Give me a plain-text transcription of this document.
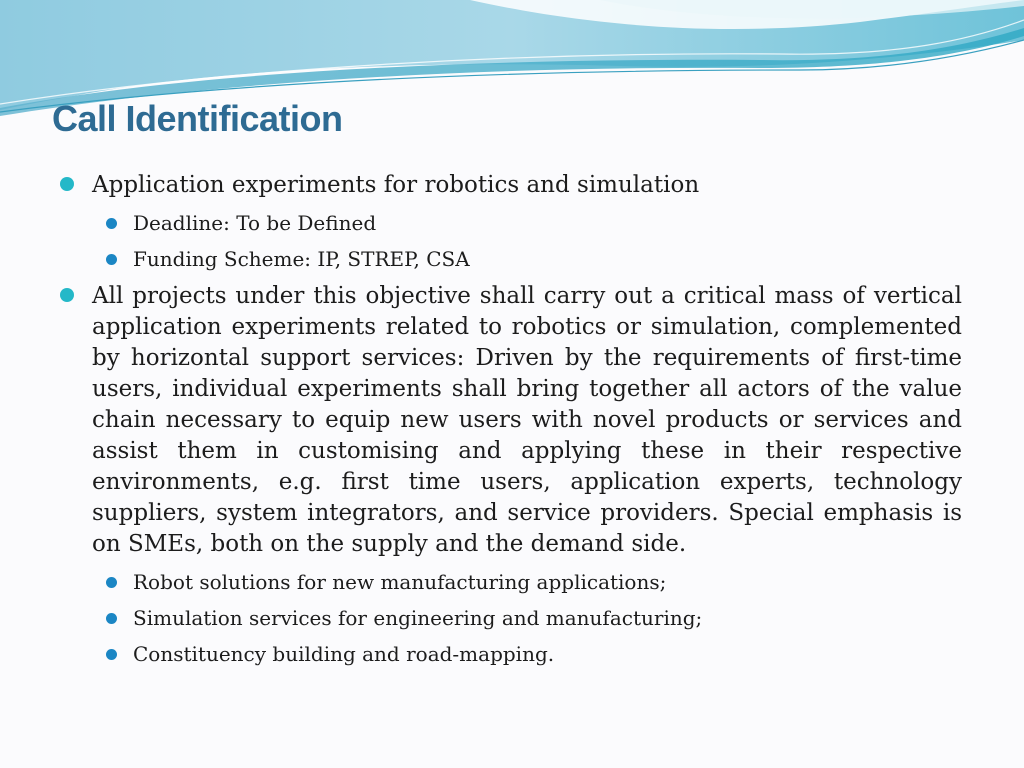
Call Identification
Application experiments for robotics and simulation
Deadline: To be Defined
Funding Scheme: IP, STREP, CSA
All projects under this objective shall carry out a critical mass of vertical application experiments related to robotics or simulation, complemented by horizontal support services: Driven by the requirements of first-time users, individual experiments shall bring together all actors of the value chain necessary to equip new users with novel products or services and assist them in customising and applying these in their respective environments, e.g. first time users, application experts, technology suppliers, system integrators, and service providers. Special emphasis is on SMEs, both on the supply and the demand side.
Robot solutions for new manufacturing applications;
Simulation services for engineering and manufacturing;
Constituency building and road-mapping.
